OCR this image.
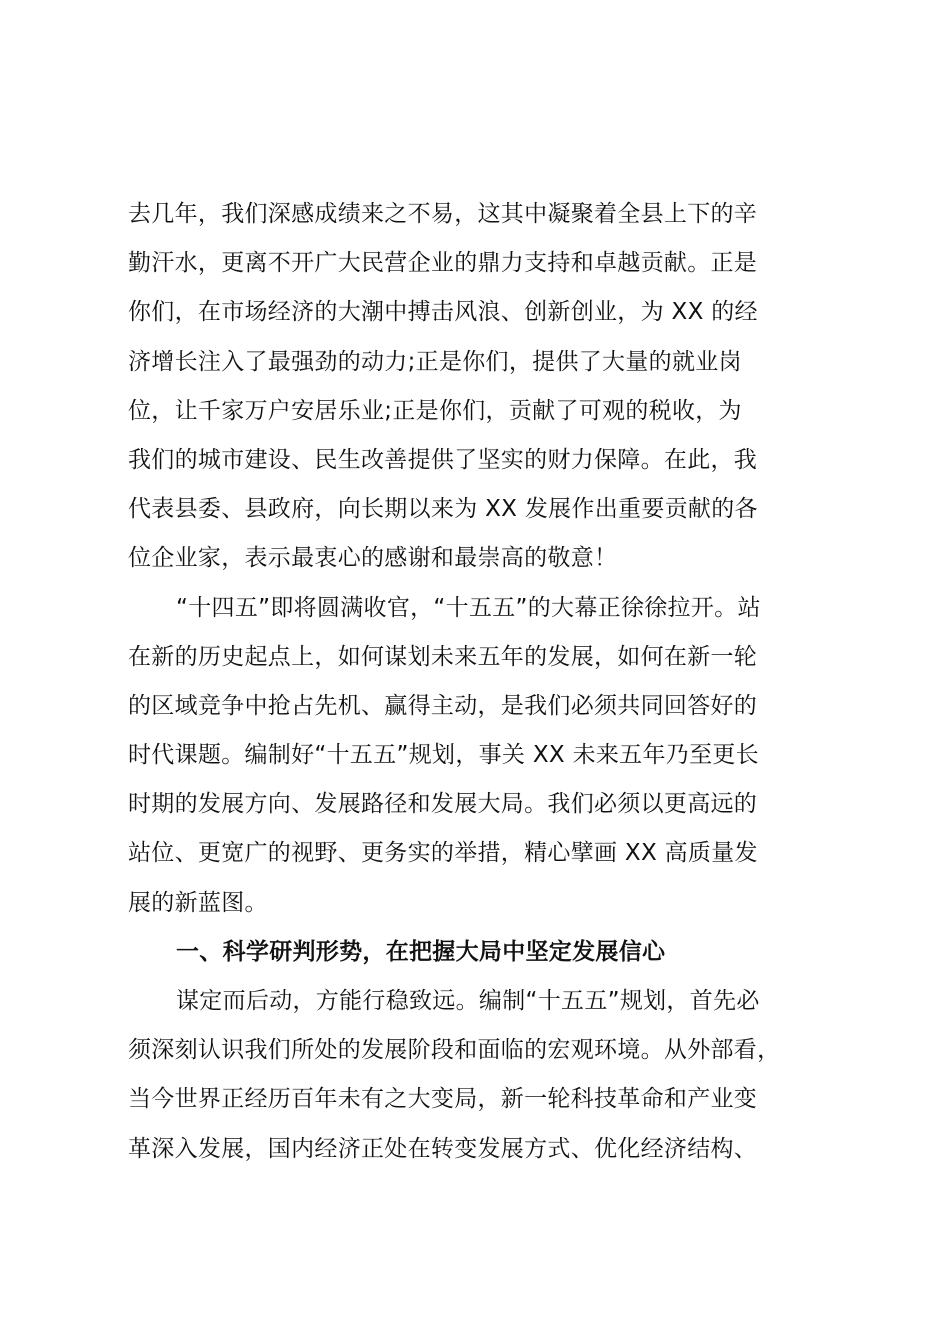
去几年，我们深感成绩来之不易，这其中凝聚着全县上下的辛
勤汗水，更离不开广大民营企业的鼎力支持和卓越贡献。正是
你们，在市场经济的大潮中搏击风浪、创新创业，为 XX 的经
济增长注入了最强劲的动力;正是你们，提供了大量的就业岗
位，让千家万户安居乐业;正是你们，贡献了可观的税收，为
我们的城市建设、民生改善提供了坚实的财力保障。在此，我
代表县委、县政府，向长期以来为 XX 发展作出重要贡献的各
位企业家，表示最衷心的感谢和最崇高的敬意！
“十四五”即将圆满收官，“十五五”的大幕正徐徐拉开。站
在新的历史起点上，如何谋划未来五年的发展，如何在新一轮
的区域竞争中抢占先机、赢得主动，是我们必须共同回答好的
时代课题。编制好“十五五”规划，事关 XX 未来五年乃至更长
时期的发展方向、发展路径和发展大局。我们必须以更高远的
站位、更宽广的视野、更务实的举措，精心擘画 XX 高质量发
展的新蓝图。
一、科学研判形势，在把握大局中坚定发展信心
谋定而后动，方能行稳致远。编制“十五五”规划，首先必
须深刻认识我们所处的发展阶段和面临的宏观环境。从外部看，
当今世界正经历百年未有之大变局，新一轮科技革命和产业变
革深入发展，国内经济正处在转变发展方式、优化经济结构、
